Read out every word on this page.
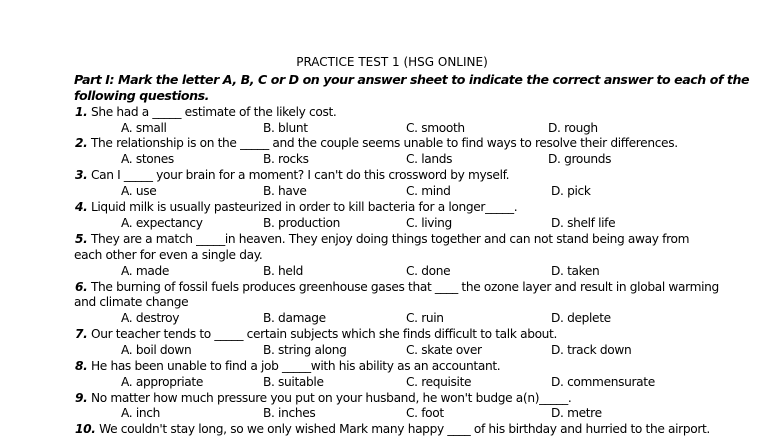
PRACTICE TEST 1 (HSG ONLINE)
Part I: Mark the letter A, B, C or D on your answer sheet to indicate the correct answer to each of the following questions.
1. She had a _____ estimate of the likely cost.
A. small	B. blunt	C. smooth	D. rough
2. The relationship is on the _____ and the couple seems unable to find ways to resolve their differences.
A. stones	B. rocks	C. lands	D. grounds
3. Can I _____ your brain for a moment? I can't do this crossword by myself.
A. use	B. have	C. mind	D. pick
4. Liquid milk is usually pasteurized in order to kill bacteria for a longer_____.
A. expectancy	B. production	C. living	D. shelf life
5. They are a match _____in heaven. They enjoy doing things together and can not stand being away from
each other for even a single day.
A. made	B. held	C. done	D. taken
6. The burning of fossil fuels produces greenhouse gases that ____ the ozone layer and result in global warming
and climate change
A. destroy	B. damage	C. ruin	D. deplete
7. Our teacher tends to _____ certain subjects which she finds difficult to talk about.
A. boil down	B. string along	C. skate over	D. track down
8. He has been unable to find a job _____with his ability as an accountant.
A. appropriate	B. suitable	C. requisite	D. commensurate
9. No matter how much pressure you put on your husband, he won't budge a(n)_____.
A. inch	B. inches	C. foot	D. metre
10. We couldn't stay long, so we only wished Mark many happy ____ of his birthday and hurried to the airport.
